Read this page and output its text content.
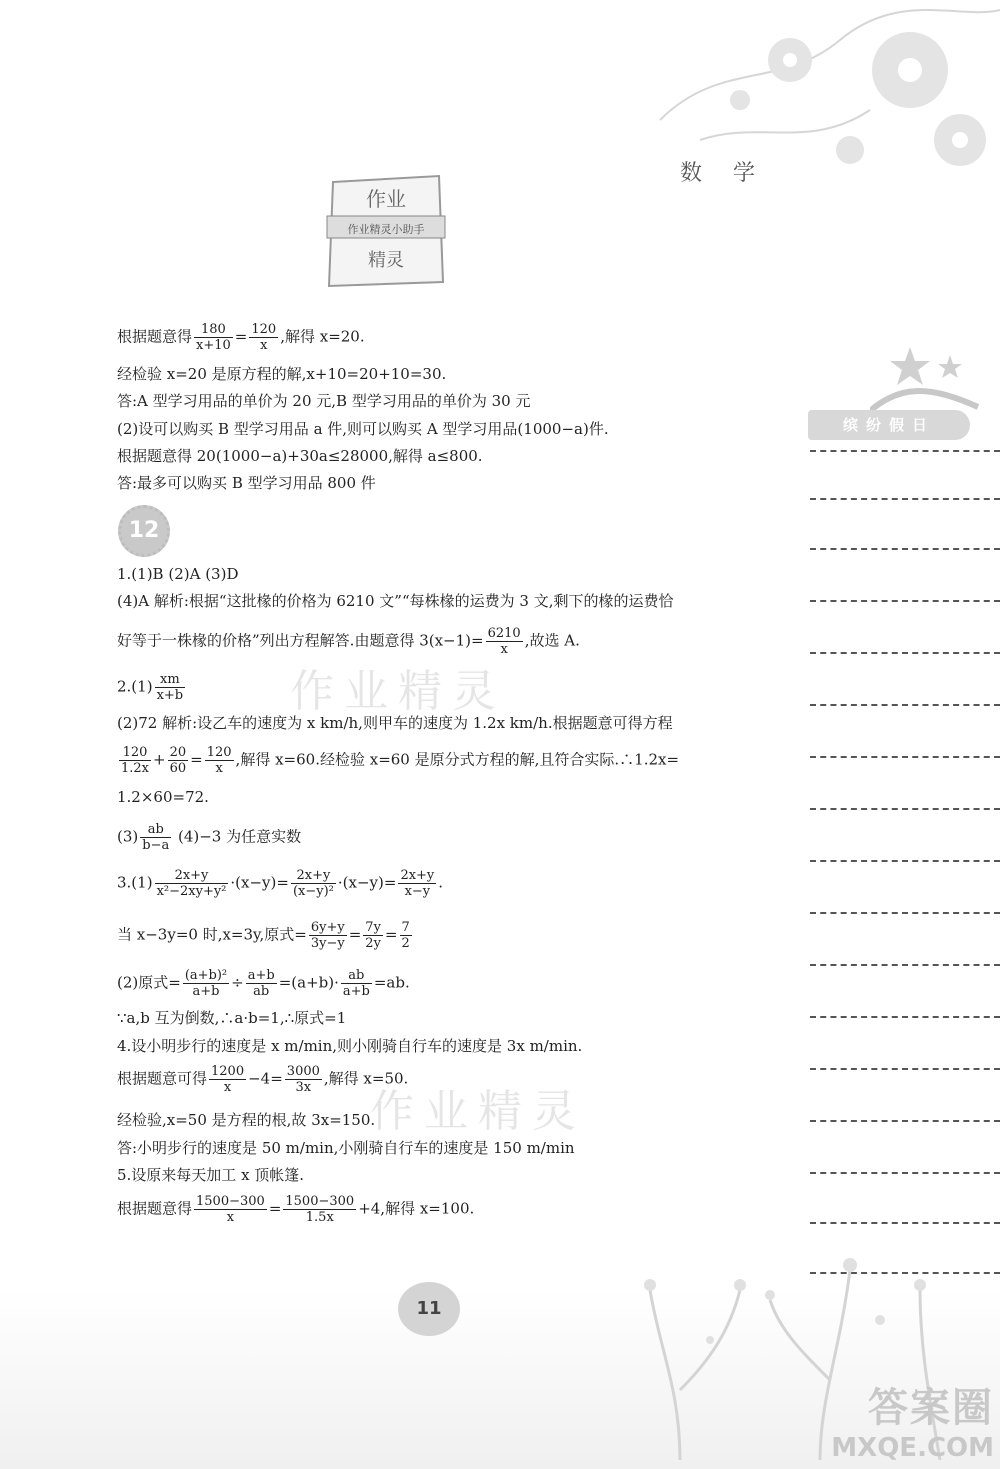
数 学
作业
作业精灵小助手
精灵
缤纷假日
作业精灵
作业精灵
根据题意得 $\frac{180}{x+10} = \frac{120}{x}$ ,解得 x=20.
经检验 x=20 是原方程的解,x+10=20+10=30.
答:A 型学习用品的单价为 20 元,B 型学习用品的单价为 30 元
(2)设可以购买 B 型学习用品 a 件,则可以购买 A 型学习用品(1000−a)件.
根据题意得 20(1000−a)+30a≤28000,解得 a≤800.
答:最多可以购买 B 型学习用品 800 件
12
1.(1)B (2)A (3)D
(4)A 解析:根据“这批椽的价格为 6210 文”“每株椽的运费为 3 文,剩下的椽的运费恰
好等于一株椽的价格”列出方程解答.由题意得 $3(x-1)= \frac{6210}{x}$ ,故选 A.
$2.(1) \frac{xm}{x+b}$
(2)72 解析:设乙车的速度为 x km/h,则甲车的速度为 1.2x km/h.根据题意可得方程
$\frac{120}{1.2x} + \frac{20}{60} = \frac{120}{x}$ ,解得 x=60.经检验 x=60 是原分式方程的解,且符合实际.∴1.2x=
1.2×60=72.
$(3) \frac{ab}{b-a} (4)-3$ 为任意实数
$3.(1) \frac{2x+y}{\text{x²−2xy+y²}} \cdot(x-y)= \frac{2x+y}{\text{(x−y)²}} \cdot(x-y)= \frac{2x+y}{x-y}$ .
当 x−3y=0 时,x=3y,原式= $\frac{6y+y}{3y-y} = \frac{7y}{2y} = \frac{7}{2}$
(2)原式= $\frac{\text{(a+b)²}}{a+b} \div \frac{a+b}{ab} =(a+b)\cdot \frac{ab}{a+b} =ab$.
∵a,b 互为倒数,∴a·b=1,∴原式=1
4.设小明步行的速度是 x m/min,则小刚骑自行车的速度是 3x m/min.
根据题意可得 $\frac{1200}{x} -4= \frac{3000}{3x}$ ,解得 x=50.
经检验,x=50 是方程的根,故 3x=150.
答:小明步行的速度是 50 m/min,小刚骑自行车的速度是 150 m/min
5.设原来每天加工 x 顶帐篷.
根据题意得 $\frac{1500-300}{x} = \frac{1500-300}{1.5x} +4$,解得 x=100.
11
答案圈
MXQE.COM
